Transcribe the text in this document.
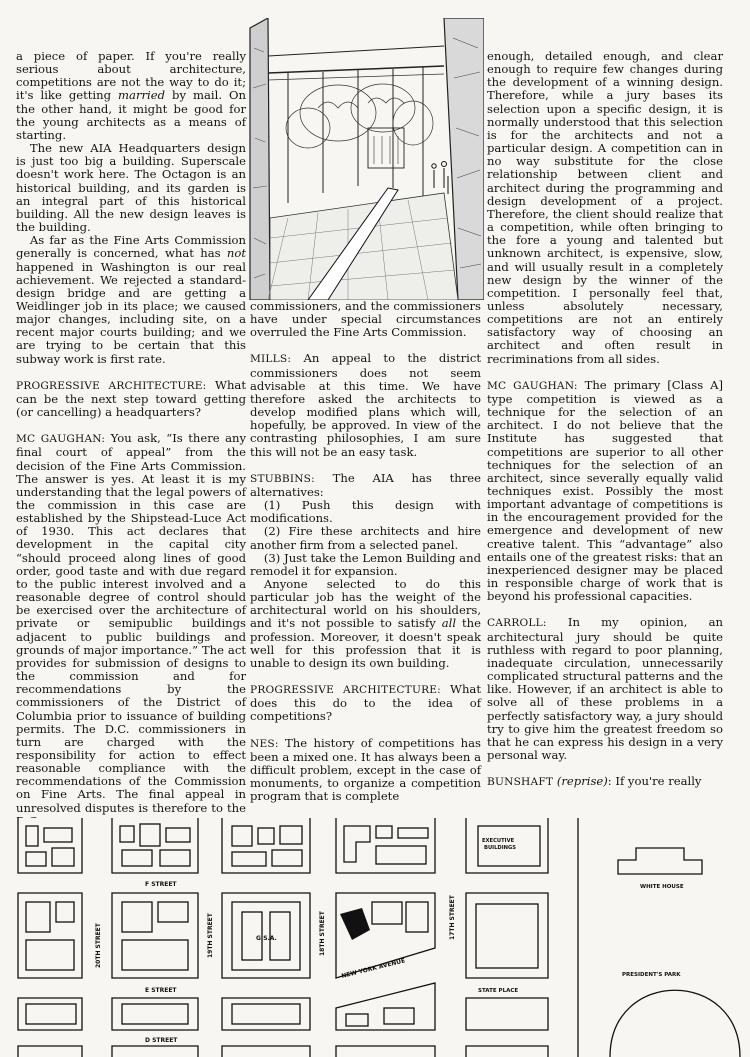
a piece of paper. If you're really serious about architecture, competitions are not the way to do it; it's like getting married by mail. On the other hand, it might be good for the young architects as a means of starting.

The new AIA Headquarters design is just too big a building. Superscale doesn't work here. The Octagon is an historical building, and its garden is an integral part of this historical building. All the new design leaves is the building.

As far as the Fine Arts Commission generally is concerned, what has not happened in Washington is our real achievement. We rejected a standard-design bridge and are getting a Weidlinger job in its place; we caused major changes, including site, on a recent major courts building; and we are trying to be certain that this subway work is first rate.

PROGRESSIVE ARCHITECTURE: What can be the next step toward getting (or cancelling) a headquarters?

MC GAUGHAN: You ask, “Is there any final court of appeal” from the decision of the Fine Arts Commission. The answer is yes. At least it is my understanding that the legal powers of the commission in this case are established by the Shipstead-Luce Act of 1930. This act declares that development in the capital city “should proceed along lines of good order, good taste and with due regard to the public interest involved and a reasonable degree of control should be exercised over the architecture of private or semipublic buildings adjacent to public buildings and grounds of major importance.” The act provides for submission of designs to the commission and for recommendations by the commissioners of the District of Columbia prior to issuance of building permits. The D.C. commissioners in turn are charged with the responsibility for action to effect reasonable compliance with the recommendations of the Commission on Fine Arts. The final appeal in unresolved disputes is therefore to the

commissioners, and the commissioners have under special circumstances overruled the Fine Arts Commission.

MILLS: An appeal to the district commissioners does not seem advisable at this time. We have therefore asked the architects to develop modified plans which will, hopefully, be approved. In view of the contrasting philosophies, I am sure this will not be an easy task.

STUBBINS: The AIA has three alternatives:

(1) Push this design with modifications.

(2) Fire these architects and hire another firm from a selected panel.

(3) Just take the Lemon Building and remodel it for expansion.

Anyone selected to do this particular job has the weight of the architectural world on his shoulders, and it's not possible to satisfy all the profession. Moreover, it doesn't speak well for this profession that it is unable to design its own building.

PROGRESSIVE ARCHITECTURE: What does this do to the idea of competitions?

NES: The history of competitions has been a mixed one. It has always been a difficult problem, except in the case of monuments, to organize a competition program that is complete

enough, detailed enough, and clear enough to require few changes during the development of a winning design. Therefore, while a jury bases its selection upon a specific design, it is normally understood that this selection is for the architects and not a particular design. A competition can in no way substitute for the close relationship between client and architect during the programming and design development of a project. Therefore, the client should realize that a competition, while often bringing to the fore a young and talented but unknown architect, is expensive, slow, and will usually result in a completely new design by the winner of the competition. I personally feel that, unless absolutely necessary, competitions are not an entirely satisfactory way of choosing an architect and often result in recriminations from all sides.

MC GAUGHAN: The primary [Class A] type competition is viewed as a technique for the selection of an architect. I do not believe that the Institute has suggested that competitions are superior to all other techniques for the selection of an architect, since severally equally valid techniques exist. Possibly the most important advantage of competitions is in the encouragement provided for the emergence and development of new creative talent. This “advantage” also entails one of the greatest risks: that an inexperienced designer may be placed in responsible charge of work that is beyond his professional capacities.

CARROLL: In my opinion, an architectural jury should be quite ruthless with regard to poor planning, inadequate circulation, unnecessarily complicated structural patterns and the like. However, if an architect is able to solve all of these problems in a perfectly satisfactory way, a jury should try to give him the greatest freedom so that he can express his design in a very personal way.

BUNSHAFT (reprise): If you're really

F STREET
E STREET
D STREET
20TH STREET	19TH STREET	18TH STREET	17TH STREET
NEW YORK AVENUE
G.S.A.
EXECUTIVE
BUILDINGS
WHITE HOUSE
PRESIDENT'S PARK
STATE PLACE
